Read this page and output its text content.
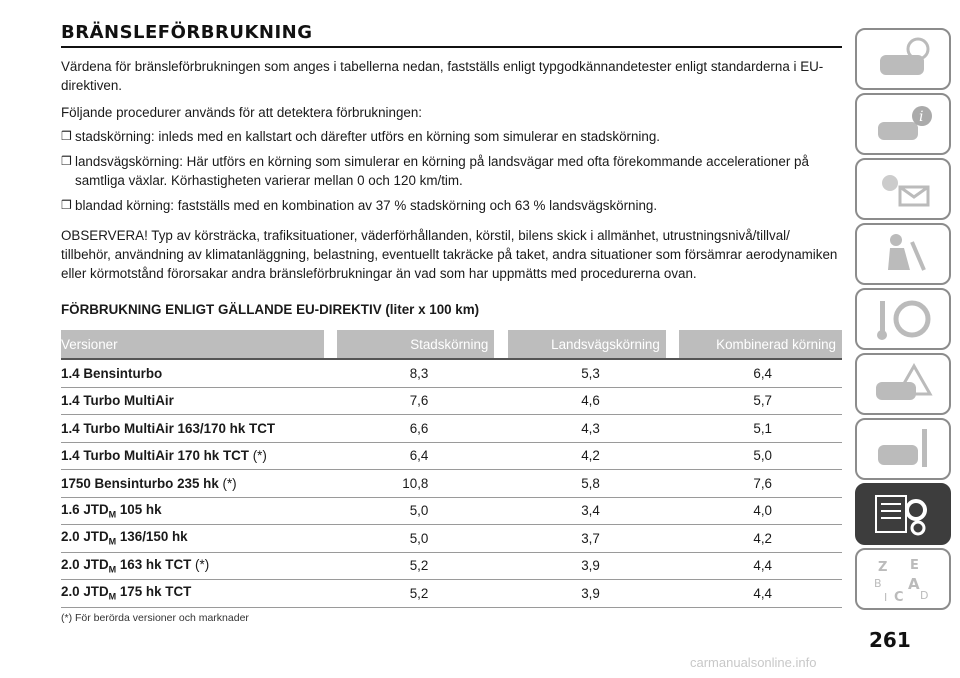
BRÄNSLEFÖRBRUKNING

Värdena för bränsleförbrukningen som anges i tabellerna nedan, fastställs enligt typgodkännandetester enligt standarderna i EU-direktiven.

Följande procedurer används för att detektera förbrukningen:

❒ stadskörning: inleds med en kallstart och därefter utförs en körning som simulerar en stadskörning.
❒ landsvägskörning: Här utförs en körning som simulerar en körning på landsvägar med ofta förekommande accelerationer på samtliga växlar. Körhastigheten varierar mellan 0 och 120 km/tim.
❒ blandad körning: fastställs med en kombination av 37 % stadskörning och 63 % landsvägskörning.

OBSERVERA! Typ av körsträcka, trafiksituationer, väderförhållanden, körstil, bilens skick i allmänhet, utrustningsnivå/tillval/ tillbehör, användning av klimatanläggning, belastning, eventuellt takräcke på taket, andra situationer som försämrar aerodynamiken eller körmotstånd förorsakar andra bränsleförbrukningar än vad som har uppmätts med procedurerna ovan.

FÖRBRUKNING ENLIGT GÄLLANDE EU-DIREKTIV (liter x 100 km)
Versioner		Stadskörning		Landsvägskörning		Kombinerad körning
1.4 Bensinturbo	8,3		5,3		6,4	
1.4 Turbo MultiAir	7,6		4,6		5,7	
1.4 Turbo MultiAir 163/170 hk TCT	6,6		4,3		5,1	
1.4 Turbo MultiAir 170 hk TCT (*)	6,4		4,2		5,0	
1750 Bensinturbo 235 hk (*)	10,8		5,8		7,6	
1.6 $JTD_M$ 105 hk	5,0		3,4		4,0	
2.0 $JTD_M$ 136/150 hk	5,0		3,7		4,2	
2.0 $JTD_M$ 163 hk TCT (*)	5,2		3,9		4,4	
2.0 $JTD_M$ 175 hk TCT	5,2		3,9		4,4	
(*) För berörda versioner och marknader
i
Z E
B A
I C D
261
carmanualsonline.info
